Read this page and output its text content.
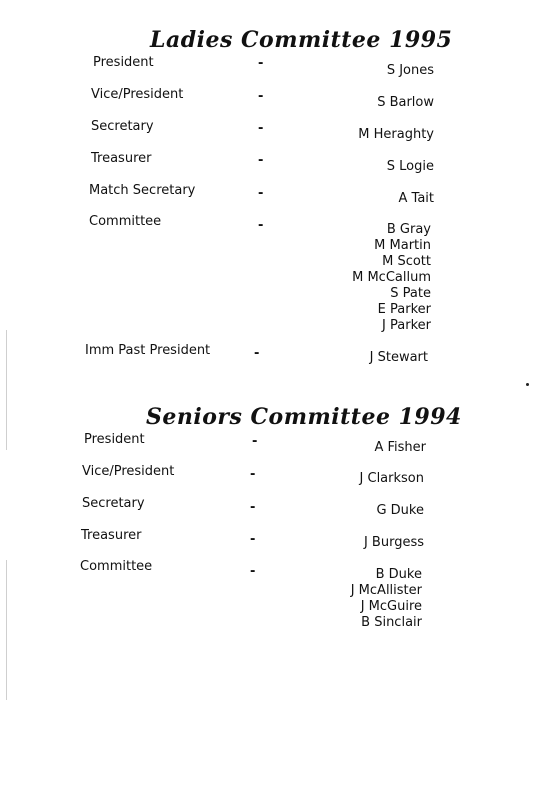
Ladies Committee 1995
President	-	S Jones
Vice/President	-	S Barlow
Secretary	-	M Heraghty
Treasurer	-	S Logie
Match Secretary	-	A Tait
Committee	-	B Gray
M Martin
M Scott
M McCallum
S Pate
E Parker
J Parker
Imm Past President	-	J Stewart
Seniors Committee 1994
President	-	A Fisher
Vice/President	-	J Clarkson
Secretary	-	G Duke
Treasurer	-	J Burgess
Committee	-	B Duke
J McAllister
J McGuire
B Sinclair
